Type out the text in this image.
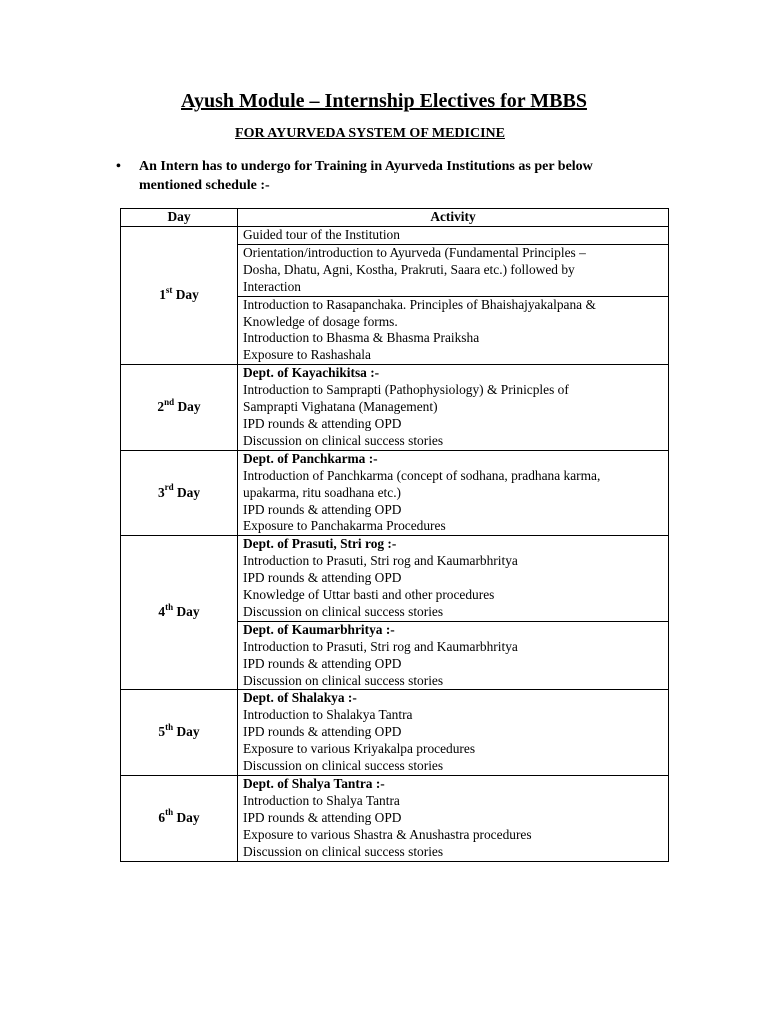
Ayush Module – Internship Electives for MBBS
FOR AYURVEDA SYSTEM OF MEDICINE
• An Intern has to undergo for Training in Ayurveda Institutions as per below
mentioned schedule :-
Day	Activity
1st Day	Guided tour of the Institution

	Orientation/introduction to Ayurveda (Fundamental Principles –
Dosha, Dhatu, Agni, Kostha, Prakruti, Saara etc.) followed by
Interaction

	Introduction to Rasapanchaka. Principles of Bhaishajyakalpana &
Knowledge of dosage forms.
Introduction to Bhasma & Bhasma Praiksha
Exposure to Rashashala

2nd Day	Dept. of Kayachikitsa :-
Introduction to Samprapti (Pathophysiology) & Prinicples of
Samprapti Vighatana (Management)
IPD rounds & attending OPD
Discussion on clinical success stories

3rd Day	Dept. of Panchkarma :-
Introduction of Panchkarma (concept of sodhana, pradhana karma,
upakarma, ritu soadhana etc.)
IPD rounds & attending OPD
Exposure to Panchakarma Procedures

4th Day	Dept. of Prasuti, Stri rog :-
Introduction to Prasuti, Stri rog and Kaumarbhritya
IPD rounds & attending OPD
Knowledge of Uttar basti and other procedures
Discussion on clinical success stories

	Dept. of Kaumarbhritya :-
Introduction to Prasuti, Stri rog and Kaumarbhritya
IPD rounds & attending OPD
Discussion on clinical success stories

5th Day	Dept. of Shalakya :-
Introduction to Shalakya Tantra
IPD rounds & attending OPD
Exposure to various Kriyakalpa procedures
Discussion on clinical success stories

6th Day	Dept. of Shalya Tantra :-
Introduction to Shalya Tantra
IPD rounds & attending OPD
Exposure to various Shastra & Anushastra procedures
Discussion on clinical success stories
